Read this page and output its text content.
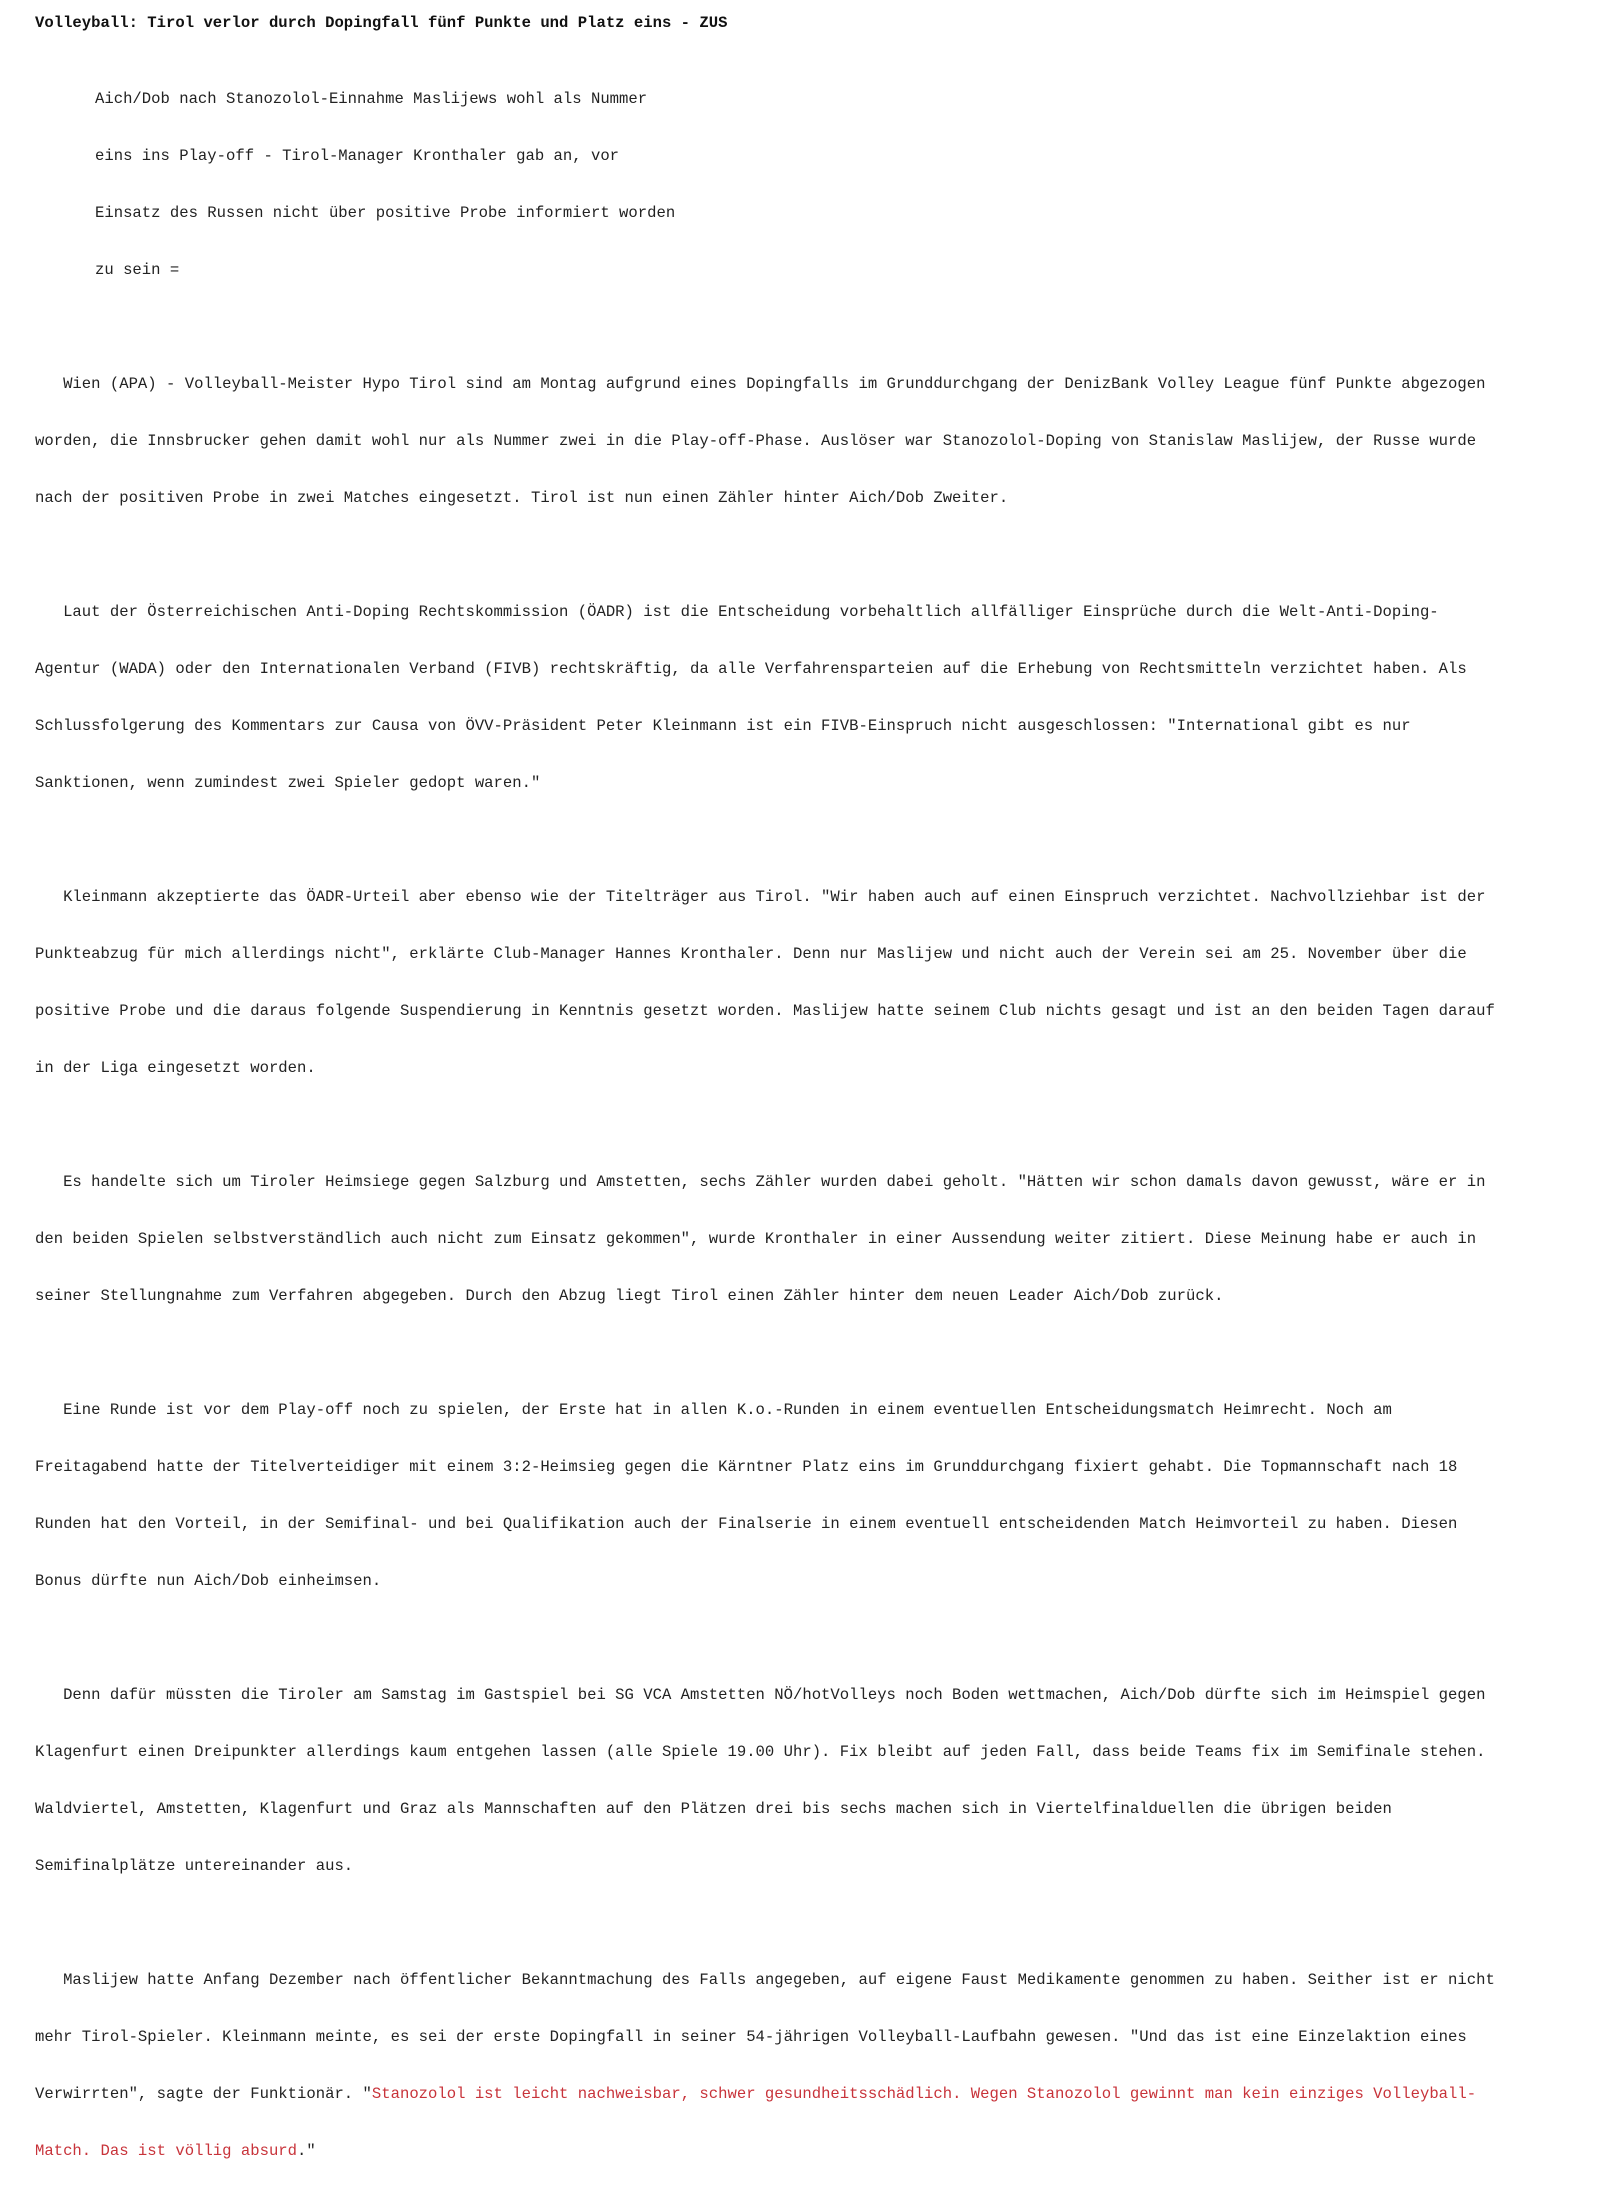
Volleyball: Tirol verlor durch Dopingfall fünf Punkte und Platz eins - ZUS

Aich/Dob nach Stanozolol-Einnahme Maslijews wohl als Nummer

eins ins Play-off - Tirol-Manager Kronthaler gab an, vor

Einsatz des Russen nicht über positive Probe informiert worden

zu sein =

Wien (APA) - Volleyball-Meister Hypo Tirol sind am Montag aufgrund eines Dopingfalls im Grunddurchgang der DenizBank Volley League fünf Punkte abgezogen

worden, die Innsbrucker gehen damit wohl nur als Nummer zwei in die Play-off-Phase. Auslöser war Stanozolol-Doping von Stanislaw Maslijew, der Russe wurde

nach der positiven Probe in zwei Matches eingesetzt. Tirol ist nun einen Zähler hinter Aich/Dob Zweiter.

Laut der Österreichischen Anti-Doping Rechtskommission (ÖADR) ist die Entscheidung vorbehaltlich allfälliger Einsprüche durch die Welt-Anti-Doping-

Agentur (WADA) oder den Internationalen Verband (FIVB) rechtskräftig, da alle Verfahrensparteien auf die Erhebung von Rechtsmitteln verzichtet haben. Als

Schlussfolgerung des Kommentars zur Causa von ÖVV-Präsident Peter Kleinmann ist ein FIVB-Einspruch nicht ausgeschlossen: "International gibt es nur

Sanktionen, wenn zumindest zwei Spieler gedopt waren."

Kleinmann akzeptierte das ÖADR-Urteil aber ebenso wie der Titelträger aus Tirol. "Wir haben auch auf einen Einspruch verzichtet. Nachvollziehbar ist der

Punkteabzug für mich allerdings nicht", erklärte Club-Manager Hannes Kronthaler. Denn nur Maslijew und nicht auch der Verein sei am 25. November über die

positive Probe und die daraus folgende Suspendierung in Kenntnis gesetzt worden. Maslijew hatte seinem Club nichts gesagt und ist an den beiden Tagen darauf

in der Liga eingesetzt worden.

Es handelte sich um Tiroler Heimsiege gegen Salzburg und Amstetten, sechs Zähler wurden dabei geholt. "Hätten wir schon damals davon gewusst, wäre er in

den beiden Spielen selbstverständlich auch nicht zum Einsatz gekommen", wurde Kronthaler in einer Aussendung weiter zitiert. Diese Meinung habe er auch in

seiner Stellungnahme zum Verfahren abgegeben. Durch den Abzug liegt Tirol einen Zähler hinter dem neuen Leader Aich/Dob zurück.

Eine Runde ist vor dem Play-off noch zu spielen, der Erste hat in allen K.o.-Runden in einem eventuellen Entscheidungsmatch Heimrecht. Noch am

Freitagabend hatte der Titelverteidiger mit einem 3:2-Heimsieg gegen die Kärntner Platz eins im Grunddurchgang fixiert gehabt. Die Topmannschaft nach 18

Runden hat den Vorteil, in der Semifinal- und bei Qualifikation auch der Finalserie in einem eventuell entscheidenden Match Heimvorteil zu haben. Diesen

Bonus dürfte nun Aich/Dob einheimsen.

Denn dafür müssten die Tiroler am Samstag im Gastspiel bei SG VCA Amstetten NÖ/hotVolleys noch Boden wettmachen, Aich/Dob dürfte sich im Heimspiel gegen

Klagenfurt einen Dreipunkter allerdings kaum entgehen lassen (alle Spiele 19.00 Uhr). Fix bleibt auf jeden Fall, dass beide Teams fix im Semifinale stehen.

Waldviertel, Amstetten, Klagenfurt und Graz als Mannschaften auf den Plätzen drei bis sechs machen sich in Viertelfinalduellen die übrigen beiden

Semifinalplätze untereinander aus.

Maslijew hatte Anfang Dezember nach öffentlicher Bekanntmachung des Falls angegeben, auf eigene Faust Medikamente genommen zu haben. Seither ist er nicht

mehr Tirol-Spieler. Kleinmann meinte, es sei der erste Dopingfall in seiner 54-jährigen Volleyball-Laufbahn gewesen. "Und das ist eine Einzelaktion eines

Verwirrten", sagte der Funktionär. "Stanozolol ist leicht nachweisbar, schwer gesundheitsschädlich. Wegen Stanozolol gewinnt man kein einziges Volleyball-

Match. Das ist völlig absurd."
